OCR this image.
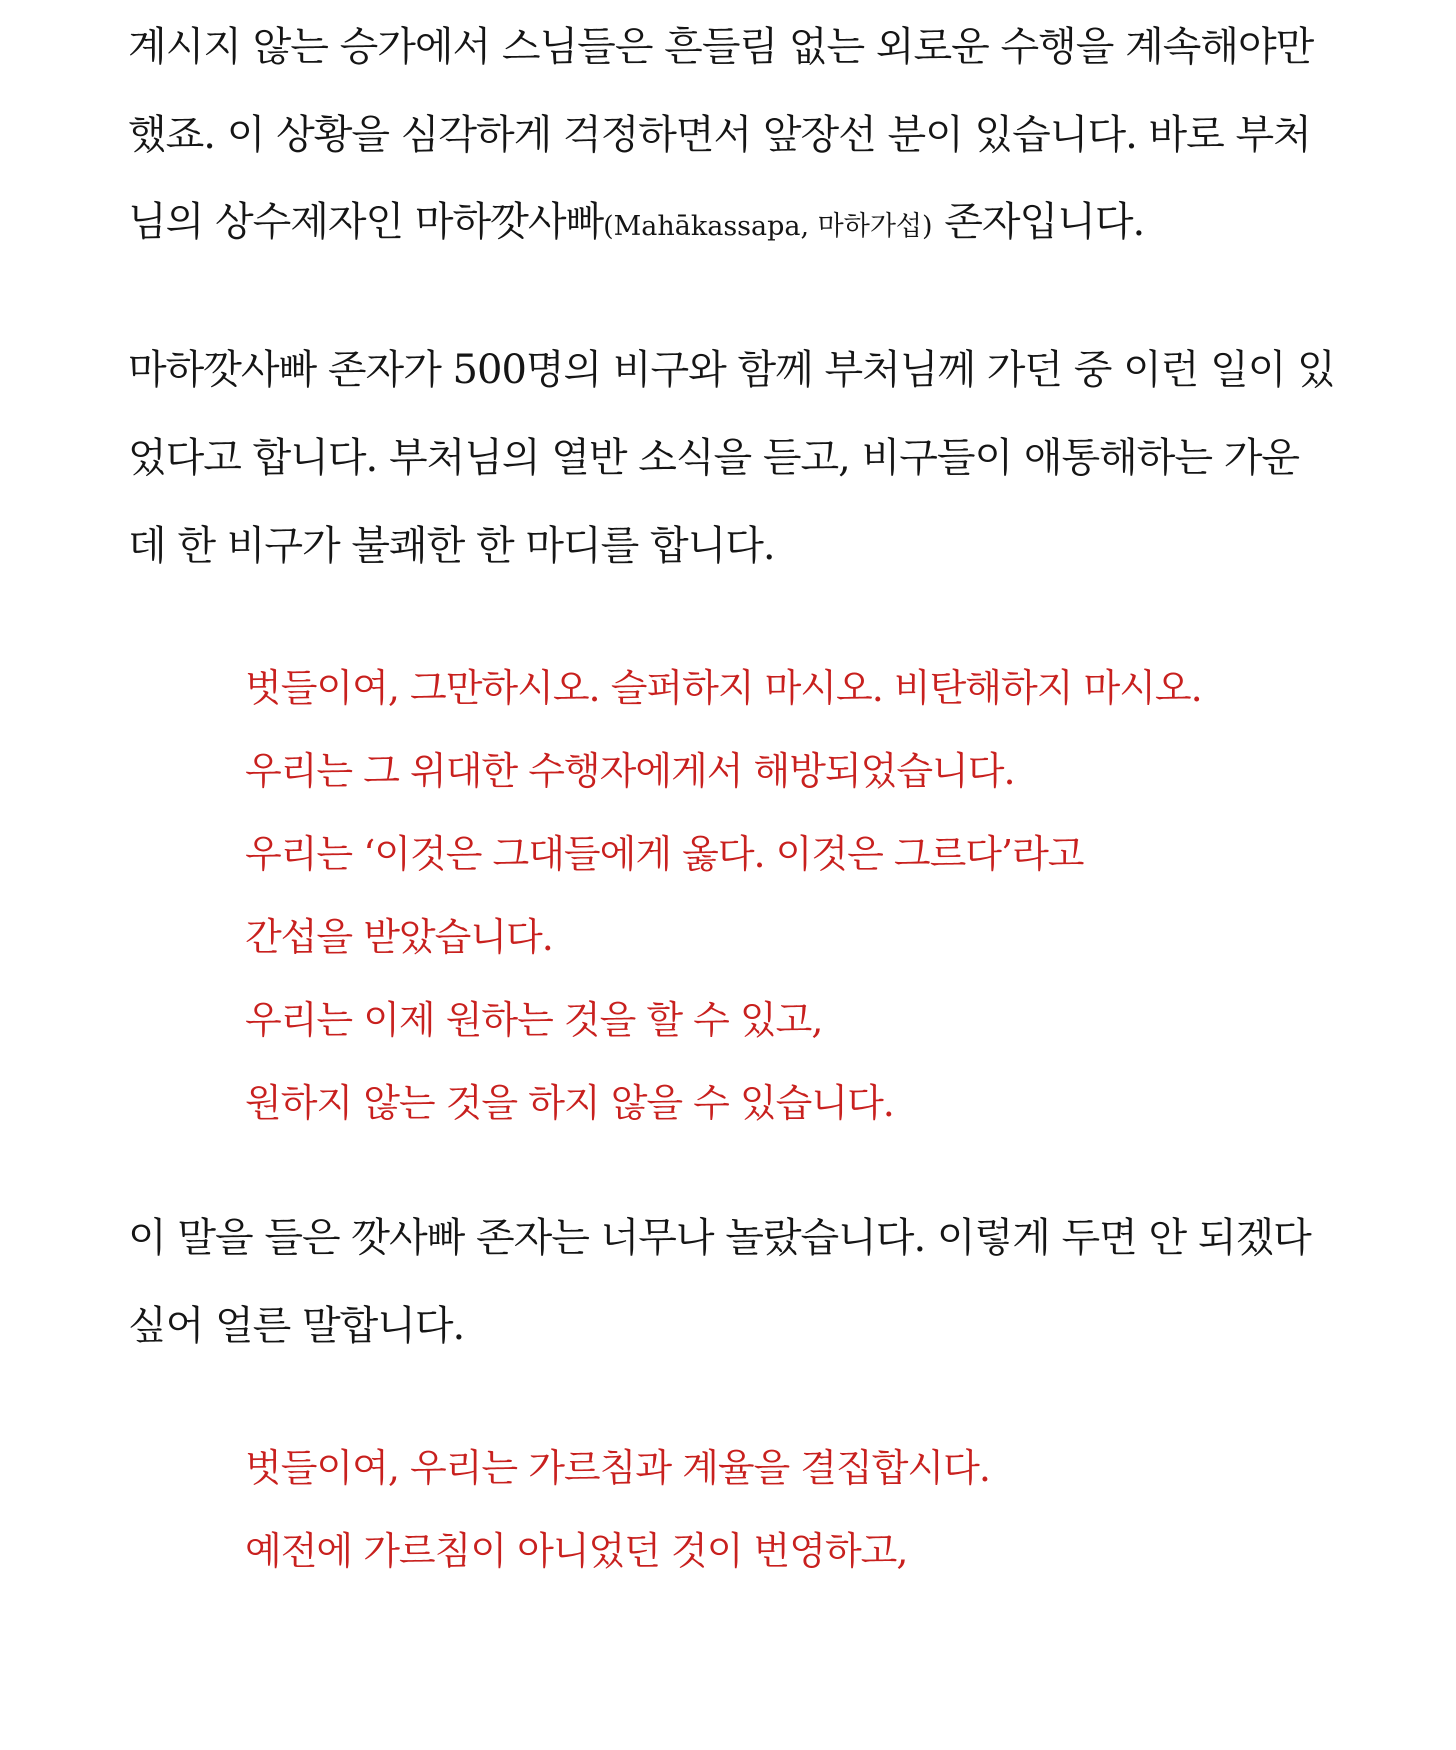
계시지 않는 승가에서 스님들은 흔들림 없는 외로운 수행을 계속해야만
했죠. 이 상황을 심각하게 걱정하면서 앞장선 분이 있습니다. 바로 부처
님의 상수제자인 마하깟사빠(Mahākassapa, 마하가섭) 존자입니다.
마하깟사빠 존자가 500명의 비구와 함께 부처님께 가던 중 이런 일이 있
었다고 합니다. 부처님의 열반 소식을 듣고, 비구들이 애통해하는 가운
데 한 비구가 불쾌한 한 마디를 합니다.
벗들이여, 그만하시오. 슬퍼하지 마시오. 비탄해하지 마시오.
우리는 그 위대한 수행자에게서 해방되었습니다.
우리는 ‘이것은 그대들에게 옳다. 이것은 그르다’라고
간섭을 받았습니다.
우리는 이제 원하는 것을 할 수 있고,
원하지 않는 것을 하지 않을 수 있습니다.
이 말을 들은 깟사빠 존자는 너무나 놀랐습니다. 이렇게 두면 안 되겠다
싶어 얼른 말합니다.
벗들이여, 우리는 가르침과 계율을 결집합시다.
예전에 가르침이 아니었던 것이 번영하고,
